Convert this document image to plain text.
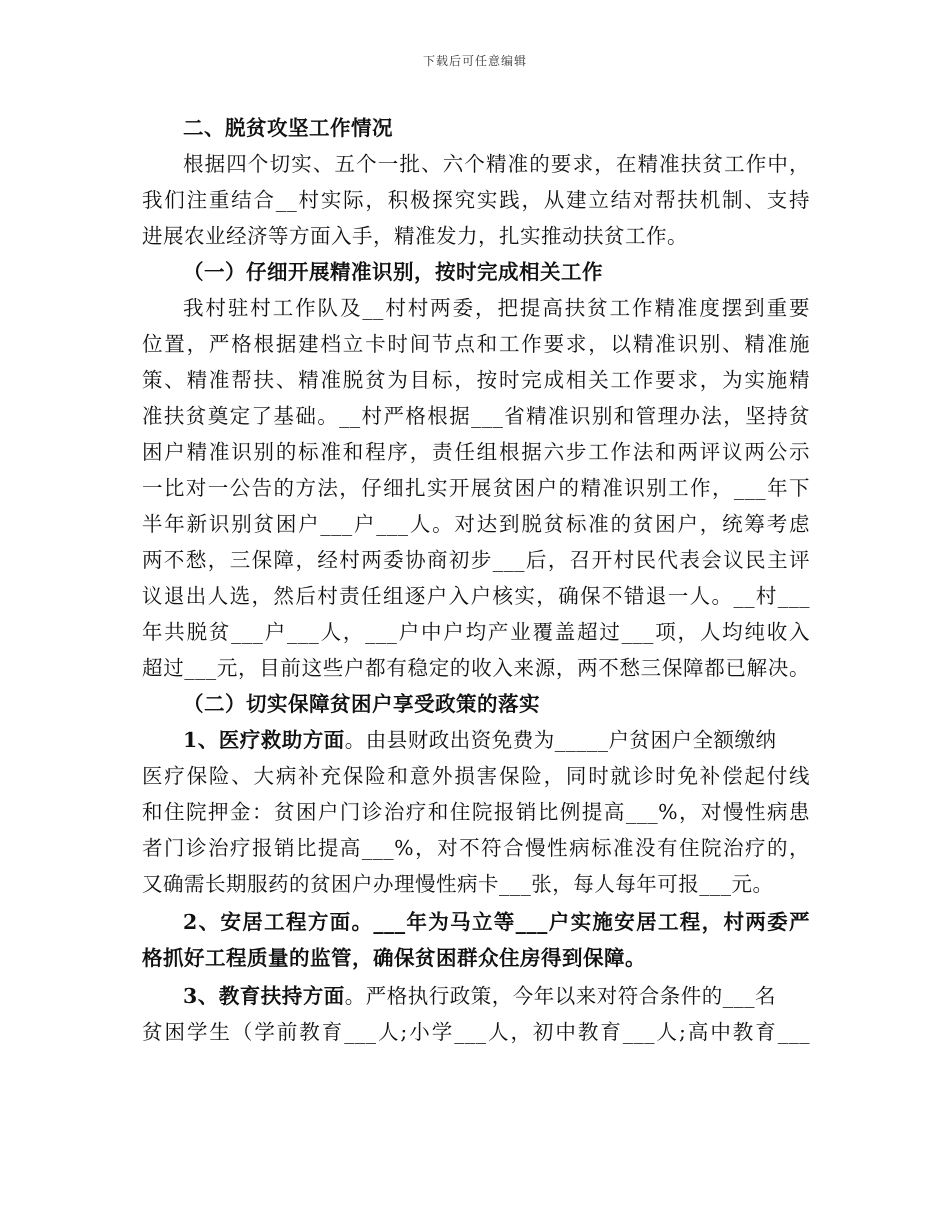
下载后可任意编辑
二、脱贫攻坚工作情况
根据四个切实、五个一批、六个精准的要求，在精准扶贫工作中，
我们注重结合__村实际，积极探究实践，从建立结对帮扶机制、支持
进展农业经济等方面入手，精准发力，扎实推动扶贫工作。
（一）仔细开展精准识别，按时完成相关工作
我村驻村工作队及__村村两委，把提高扶贫工作精准度摆到重要
位置，严格根据建档立卡时间节点和工作要求，以精准识别、精准施
策、精准帮扶、精准脱贫为目标，按时完成相关工作要求，为实施精
准扶贫奠定了基础。__村严格根据___省精准识别和管理办法，坚持贫
困户精准识别的标准和程序，责任组根据六步工作法和两评议两公示
一比对一公告的方法，仔细扎实开展贫困户的精准识别工作，___年下
半年新识别贫困户___户___人。对达到脱贫标准的贫困户，统筹考虑
两不愁，三保障，经村两委协商初步___后，召开村民代表会议民主评
议退出人选，然后村责任组逐户入户核实，确保不错退一人。__村___
年共脱贫___户___人，___户中户均产业覆盖超过___项，人均纯收入
超过___元，目前这些户都有稳定的收入来源，两不愁三保障都已解决。
（二）切实保障贫困户享受政策的落实
1、医疗救助方面。由县财政出资免费为_____户贫困户全额缴纳
医疗保险、大病补充保险和意外损害保险，同时就诊时免补偿起付线
和住院押金：贫困户门诊治疗和住院报销比例提高___%，对慢性病患
者门诊治疗报销比提高___%，对不符合慢性病标准没有住院治疗的，
又确需长期服药的贫困户办理慢性病卡___张，每人每年可报___元。
2、安居工程方面。___年为马立等___户实施安居工程，村两委严
格抓好工程质量的监管，确保贫困群众住房得到保障。
3、教育扶持方面。严格执行政策，今年以来对符合条件的___名
贫困学生（学前教育___人;小学___人，初中教育___人;高中教育___
